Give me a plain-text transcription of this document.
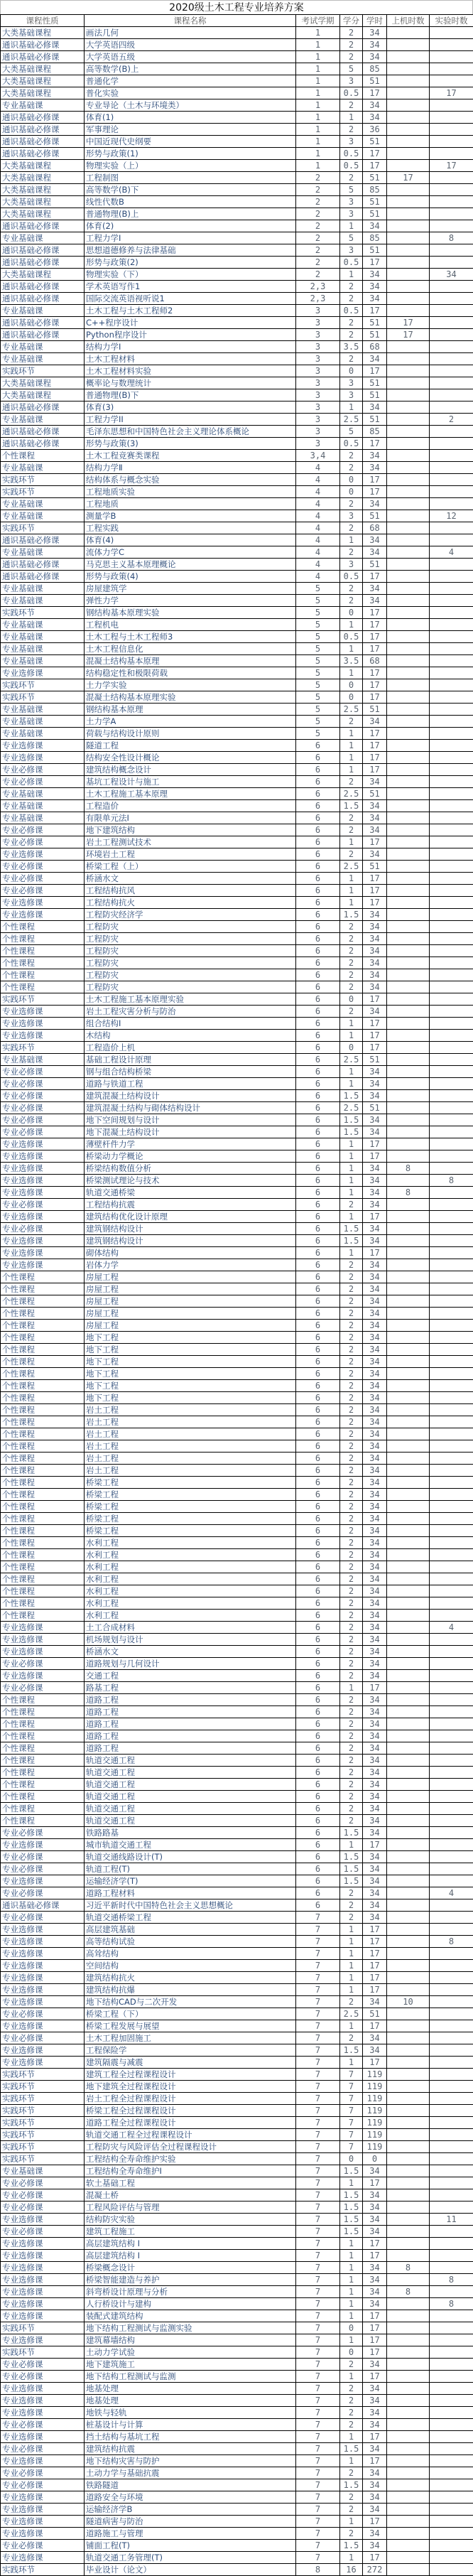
2020级土木工程专业培养方案
课程性质	课程名称	考试学期	学分	学时	上机时数	实验时数
大类基础课程	画法几何	1	2	34		
通识基础必修课	大学英语四级	1	2	34		
通识基础必修课	大学英语五级	1	2	34		
大类基础课程	高等数学(B)上	1	5	85		
大类基础课程	普通化学	1	3	51		
大类基础课程	普化实验	1	0.5	17		17
专业基础课	专业导论（土木与环境类）	1	2	34		
通识基础必修课	体育(1)	1	1	34		
通识基础必修课	军事理论	1	2	36		
通识基础必修课	中国近现代史纲要	1	3	51		
通识基础必修课	形势与政策(1)	1	0.5	17		
大类基础课程	物理实验（上）	1	0.5	17		17
大类基础课程	工程制图	2	2	51	17	
大类基础课程	高等数学(B)下	2	5	85		
大类基础课程	线性代数B	2	3	51		
大类基础课程	普通物理(B)上	2	3	51		
通识基础必修课	体育(2)	2	1	34		
专业基础课	工程力学I	2	5	85		8
通识基础必修课	思想道德修养与法律基础	2	3	51		
通识基础必修课	形势与政策(2)	2	0.5	17		
大类基础课程	物理实验（下）	2	1	34		34
通识基础必修课	学术英语写作1	2,3	2	34		
通识基础必修课	国际交流英语视听说1	2,3	2	34		
专业基础课	土木工程与土木工程师2	3	0.5	17		
通识基础必修课	C++程序设计	3	2	51	17	
通识基础必修课	Python程序设计	3	2	51	17	
专业基础课	结构力学Ⅰ	3	3.5	68		
专业基础课	土木工程材料	3	2	34		
实践环节	土木工程材料实验	3	0	17		
大类基础课程	概率论与数理统计	3	3	51		
大类基础课程	普通物理(B)下	3	3	51		
通识基础必修课	体育(3)	3	1	34		
专业基础课	工程力学II	3	2.5	51		2
通识基础必修课	毛泽东思想和中国特色社会主义理论体系概论	3	5	85		
通识基础必修课	形势与政策(3)	3	0.5	17		
个性课程	土木工程竞赛类课程	3,4	2	34		
专业基础课	结构力学Ⅱ	4	2	34		
实践环节	结构体系与概念实验	4	0	17		
实践环节	工程地质实验	4	0	17		
专业基础课	工程地质	4	2	34		
专业基础课	测量学B	4	3	51		12
实践环节	工程实践	4	2	68		
通识基础必修课	体育(4)	4	1	34		
专业基础课	流体力学C	4	2	34		4
通识基础必修课	马克思主义基本原理概论	4	3	51		
通识基础必修课	形势与政策(4)	4	0.5	17		
专业基础课	房屋建筑学	5	2	34		
专业基础课	弹性力学	5	2	34		
实践环节	钢结构基本原理实验	5	0	17		
专业基础课	工程机电	5	1	17		
专业基础课	土木工程与土木工程师3	5	0.5	17		
专业基础课	土木工程信息化	5	1	17		
专业基础课	混凝土结构基本原理	5	3.5	68		
专业选修课	结构稳定性和极限荷载	5	1	17		
实践环节	土力学实验	5	0	17		
实践环节	混凝土结构基本原理实验	5	0	17		
专业基础课	钢结构基本原理	5	2.5	51		
专业基础课	土力学A	5	2	34		
专业基础课	荷载与结构设计原则	5	1	17		
专业选修课	隧道工程	6	1	17		
专业选修课	结构安全性设计概论	6	1	17		
专业必修课	建筑结构概念设计	6	1	17		
专业必修课	基坑工程设计与施工	6	2	34		
专业基础课	土木工程施工基本原理	6	2.5	51		
专业基础课	工程造价	6	1.5	34		
专业基础课	有限单元法I	6	2	34		
专业必修课	地下建筑结构	6	2	34		
专业必修课	岩土工程测试技术	6	1	17		
专业选修课	环境岩土工程	6	2	34		
专业必修课	桥梁工程（上）	6	2.5	51		
专业必修课	桥涵水文	6	1	17		
专业必修课	工程结构抗风	6	1	17		
专业选修课	工程结构抗火	6	1	17		
专业选修课	工程防灾经济学	6	1.5	34		
个性课程	工程防灾	6	2	34		
个性课程	工程防灾	6	2	34		
个性课程	工程防灾	6	2	34		
个性课程	工程防灾	6	2	34		
个性课程	工程防灾	6	2	34		
个性课程	工程防灾	6	2	34		
实践环节	土木工程施工基本原理实验	6	0	17		
专业选修课	岩土工程灾害分析与防治	6	2	34		
专业选修课	组合结构I	6	1	17		
专业选修课	木结构	6	1	17		
实践环节	工程造价上机	6	0	17		
专业基础课	基础工程设计原理	6	2.5	51		
专业必修课	钢与组合结构桥梁	6	1	34		
专业必修课	道路与铁道工程	6	1	34		
专业必修课	建筑混凝土结构设计	6	1.5	34		
专业必修课	建筑混凝土结构与砌体结构设计	6	2.5	51		
专业必修课	地下空间规划与设计	6	1.5	34		
专业必修课	地下混凝土结构设计	6	1.5	34		
专业选修课	薄壁杆件力学	6	1	17		
专业选修课	桥梁动力学概论	6	1	17		
专业选修课	桥梁结构数值分析	6	1	34	8	
专业选修课	桥梁测试理论与技术	6	1	34		8
专业选修课	轨道交通桥梁	6	1	34	8	
专业必修课	工程结构抗震	6	2	34		
专业选修课	建筑结构优化设计原理	6	1	17		
专业必修课	建筑钢结构设计	6	1.5	34		
专业选修课	建筑钢结构设计	6	1.5	34		
专业选修课	砌体结构	6	1	17		
专业选修课	岩体力学	6	2	34		
个性课程	房屋工程	6	2	34		
个性课程	房屋工程	6	2	34		
个性课程	房屋工程	6	2	34		
个性课程	房屋工程	6	2	34		
个性课程	房屋工程	6	2	34		
个性课程	地下工程	6	2	34		
个性课程	地下工程	6	2	34		
个性课程	地下工程	6	2	34		
个性课程	地下工程	6	2	34		
个性课程	地下工程	6	2	34		
个性课程	地下工程	6	2	34		
个性课程	岩土工程	6	2	34		
个性课程	岩土工程	6	2	34		
个性课程	岩土工程	6	2	34		
个性课程	岩土工程	6	2	34		
个性课程	岩土工程	6	2	34		
个性课程	岩土工程	6	2	34		
个性课程	桥梁工程	6	2	34		
个性课程	桥梁工程	6	2	34		
个性课程	桥梁工程	6	2	34		
个性课程	桥梁工程	6	2	34		
个性课程	桥梁工程	6	2	34		
个性课程	水利工程	6	2	34		
个性课程	水利工程	6	2	34		
个性课程	水利工程	6	2	34		
个性课程	水利工程	6	2	34		
个性课程	水利工程	6	2	34		
个性课程	水利工程	6	2	34		
个性课程	水利工程	6	2	34		
专业选修课	土工合成材料	6	2	34		4
专业选修课	机场规划与设计	6	2	34		
专业选修课	桥涵水文	6	2	34		
专业必修课	道路规划与几何设计	6	2	34		
专业选修课	交通工程	6	2	34		
专业必修课	路基工程	6	1	17		
个性课程	道路工程	6	2	34		
个性课程	道路工程	6	2	34		
个性课程	道路工程	6	2	34		
个性课程	道路工程	6	2	34		
个性课程	道路工程	6	2	34		
个性课程	轨道交通工程	6	2	34		
个性课程	轨道交通工程	6	2	34		
个性课程	轨道交通工程	6	2	34		
个性课程	轨道交通工程	6	2	34		
个性课程	轨道交通工程	6	2	34		
个性课程	轨道交通工程	6	2	34		
专业必修课	铁路路基	6	1.5	34		
专业选修课	城市轨道交通工程	6	1	17		
专业必修课	轨道交通线路设计(T)	6	1.5	34		
专业必修课	轨道工程(T)	6	1.5	34		
专业选修课	运输经济学(T)	6	1.5	34		
专业必修课	道路工程材料	6	2	34		4
通识基础必修课	习近平新时代中国特色社会主义思想概论	6	2	34		
专业必修课	轨道交通桥梁工程	7	2	34		
专业选修课	高层建筑基础	7	1	17		
专业选修课	高等结构试验	7	1	17		8
专业选修课	高耸结构	7	1	17		
专业选修课	空间结构	7	1	17		
专业选修课	建筑结构抗火	7	1	17		
专业选修课	建筑结构抗爆	7	1	17		
专业选修课	地下结构CAD与二次开发	7	2	34	10	
专业必修课	桥梁工程（下）	7	2.5	51		
专业选修课	桥梁工程发展与展望	7	1	17		
专业必修课	土木工程加固施工	7	2	34		
专业选修课	工程保险学	7	1.5	34		
专业选修课	建筑隔震与减震	7	1	17		
实践环节	建筑工程全过程课程设计	7	7	119		
实践环节	地下建筑全过程课程设计	7	7	119		
实践环节	岩土工程全过程课程设计	7	7	119		
实践环节	桥梁工程全过程课程设计	7	7	119		
实践环节	道路工程全过程课程设计	7	7	119		
实践环节	轨道交通工程全过程课程设计	7	7	119		
实践环节	工程防灾与风险评估全过程课程设计	7	7	119		
实践环节	工程结构全寿命维护实验	7	0	0		
专业基础课	工程结构全寿命维护Ⅰ	7	1.5	34		
专业必修课	软土基础工程	7	1	17		
专业必修课	混凝土桥	7	1.5	34		
专业必修课	工程风险评估与管理	7	1.5	34		
专业选修课	结构防灾实验	7	1.5	34		11
专业必修课	建筑工程施工	7	1.5	34		
专业选修课	高层建筑结构 Ⅰ	7	1	17		
专业选修课	高层建筑结构 Ⅰ	7	1	17		
专业选修课	桥梁概念设计	7	1	34	8	
专业选修课	桥梁智能建造与养护	7	1	34		8
专业选修课	斜弯桥设计原理与分析	7	1	34	8	
专业选修课	人行桥设计与建构	7	1	34		8
专业选修课	装配式建筑结构	7	1	17		
实践环节	地下结构工程测试与监测实验	7	0	17		
专业选修课	建筑幕墙结构	7	1	17		
实践环节	土动力学试验	7	0	17		
专业必修课	地下建筑施工	7	2	34		
专业必修课	地下结构工程测试与监测	7	1	17		
专业选修课	地基处理	7	2	34		
专业选修课	地基处理	7	2	34		
专业选修课	地铁与轻轨	7	2	34		
专业必修课	桩基设计与计算	7	2	34		
专业选修课	挡土结构与基坑工程	7	1	17		
专业必修课	建筑结构抗震	7	1.5	34		
专业选修课	地下结构灾害与防护	7	1	17		
专业必修课	土动力学与基础抗震	7	2	34		
专业必修课	铁路隧道	7	1.5	34		
专业选修课	道路安全与环境	7	2	34		
专业选修课	运输经济学B	7	2	34		
专业选修课	隧道病害与防治	7	1	17		
专业选修课	道路施工与管理	7	2	34		
专业必修课	铺面工程(T)	7	1.5	34		
专业选修课	轨道交通工务管理(T)	7	1	17		
实践环节	毕业设计（论文）	8	16	272		
